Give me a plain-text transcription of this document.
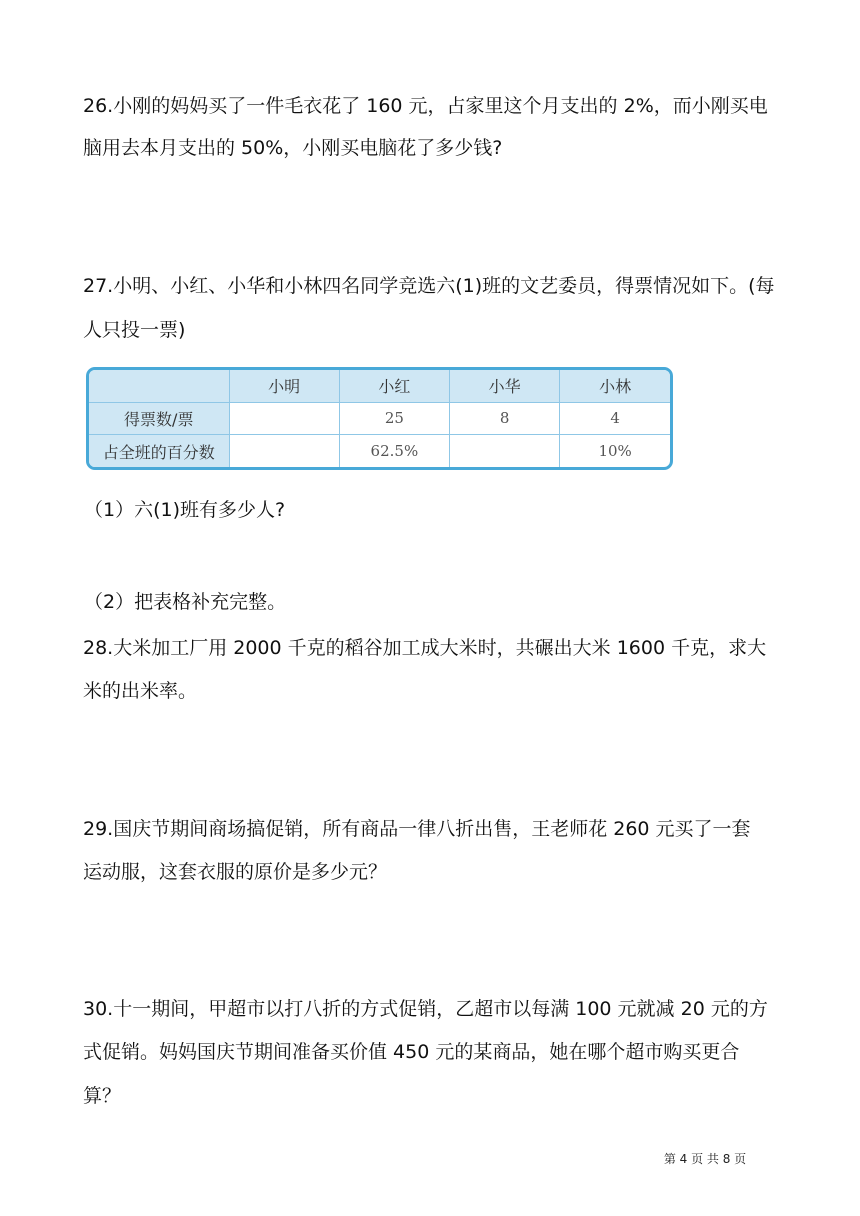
26.小刚的妈妈买了一件毛衣花了 160 元，占家里这个月支出的 2%，而小刚买电
脑用去本月支出的 50%，小刚买电脑花了多少钱?
27.小明、小红、小华和小林四名同学竞选六(1)班的文艺委员，得票情况如下。(每
人只投一票)
	小明	小红	小华	小林
得票数/票		25	8	4
占全班的百分数		62.5%		10%
（1）六(1)班有多少人?
（2）把表格补充完整。
28.大米加工厂用 2000 千克的稻谷加工成大米时，共碾出大米 1600 千克，求大
米的出米率。
29.国庆节期间商场搞促销，所有商品一律八折出售，王老师花 260 元买了一套
运动服，这套衣服的原价是多少元？
30.十一期间，甲超市以打八折的方式促销，乙超市以每满 100 元就减 20 元的方
式促销。妈妈国庆节期间准备买价值 450 元的某商品，她在哪个超市购买更合
算？
第 4 页 共 8 页
